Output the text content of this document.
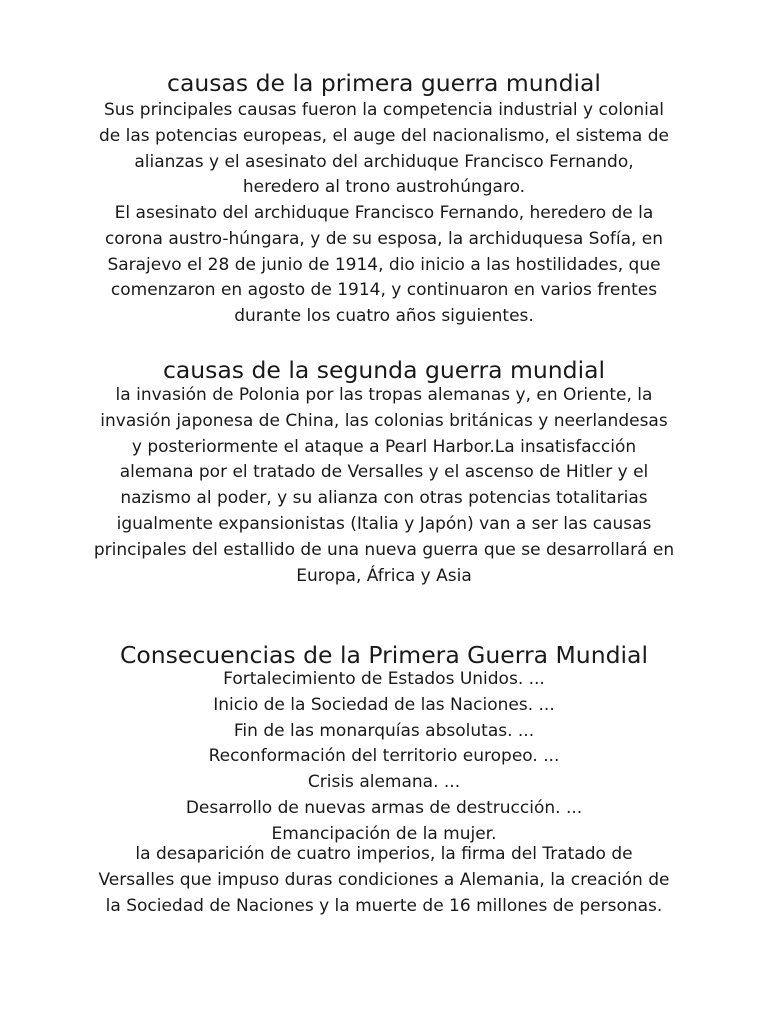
causas de la primera guerra mundial

Sus principales causas fueron la competencia industrial y colonial
de las potencias europeas, el auge del nacionalismo, el sistema de
alianzas y el asesinato del archiduque Francisco Fernando,
heredero al trono austrohúngaro.

El asesinato del archiduque Francisco Fernando, heredero de la
corona austro-húngara, y de su esposa, la archiduquesa Sofía, en
Sarajevo el 28 de junio de 1914, dio inicio a las hostilidades, que
comenzaron en agosto de 1914, y continuaron en varios frentes
durante los cuatro años siguientes.

causas de la segunda guerra mundial

la invasión de Polonia por las tropas alemanas y, en Oriente, la
invasión japonesa de China, las colonias británicas y neerlandesas
y posteriormente el ataque a Pearl Harbor.La insatisfacción
alemana por el tratado de Versalles y el ascenso de Hitler y el
nazismo al poder, y su alianza con otras potencias totalitarias
igualmente expansionistas (Italia y Japón) van a ser las causas
principales del estallido de una nueva guerra que se desarrollará en
Europa, África y Asia

Consecuencias de la Primera Guerra Mundial
Fortalecimiento de Estados Unidos. ...
Inicio de la Sociedad de las Naciones. ...
Fin de las monarquías absolutas. ...
Reconformación del territorio europeo. ...
Crisis alemana. ...
Desarrollo de nuevas armas de destrucción. ...
Emancipación de la mujer.

la desaparición de cuatro imperios, la firma del Tratado de
Versalles que impuso duras condiciones a Alemania, la creación de
la Sociedad de Naciones y la muerte de 16 millones de personas.
